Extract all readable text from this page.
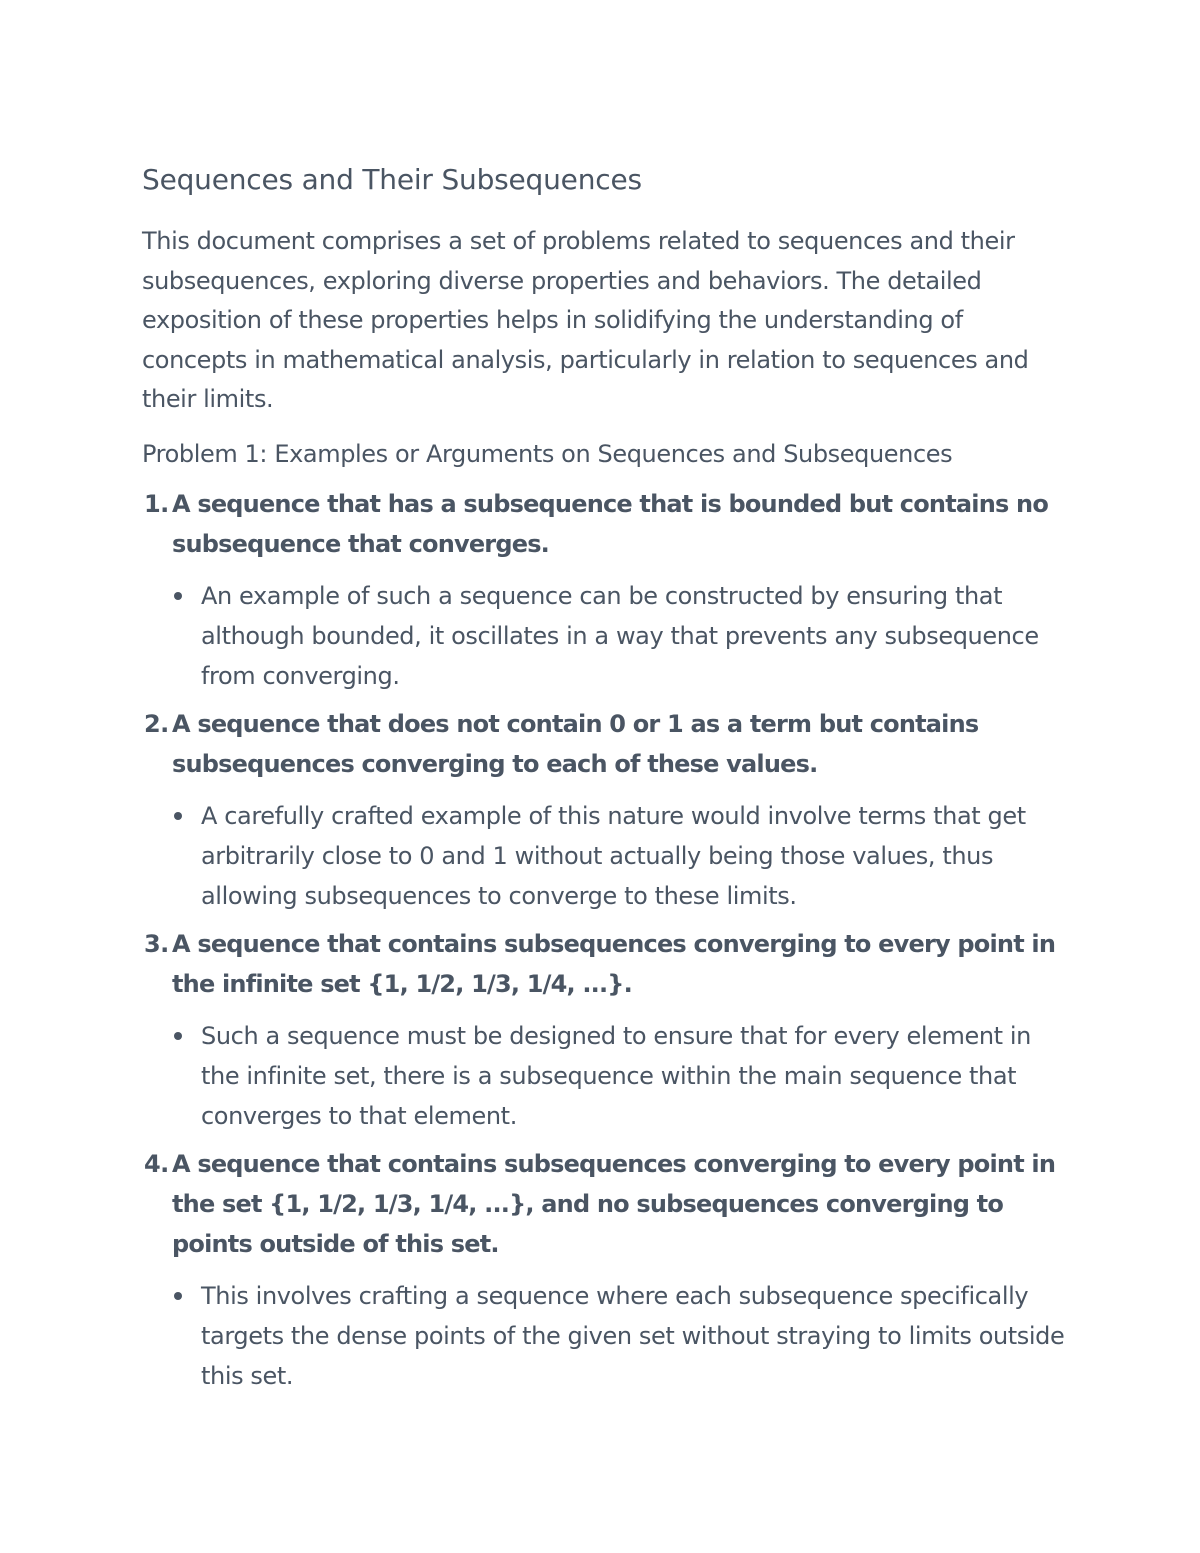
Sequences and Their Subsequences

This document comprises a set of problems related to sequences and their subsequences, exploring diverse properties and behaviors. The detailed exposition of these properties helps in solidifying the understanding of concepts in mathematical analysis, particularly in relation to sequences and their limits.

Problem 1: Examples or Arguments on Sequences and Subsequences

1. A sequence that has a subsequence that is bounded but contains no subsequence that converges.

An example of such a sequence can be constructed by ensuring that although bounded, it oscillates in a way that prevents any subsequence from converging.
2. A sequence that does not contain 0 or 1 as a term but contains subsequences converging to each of these values.

A carefully crafted example of this nature would involve terms that get arbitrarily close to 0 and 1 without actually being those values, thus allowing subsequences to converge to these limits.
3. A sequence that contains subsequences converging to every point in the infinite set {1, 1/2, 1/3, 1/4, ...}.

Such a sequence must be designed to ensure that for every element in the infinite set, there is a subsequence within the main sequence that converges to that element.
4. A sequence that contains subsequences converging to every point in the set {1, 1/2, 1/3, 1/4, ...}, and no subsequences converging to points outside of this set.

This involves crafting a sequence where each subsequence specifically targets the dense points of the given set without straying to limits outside this set.
